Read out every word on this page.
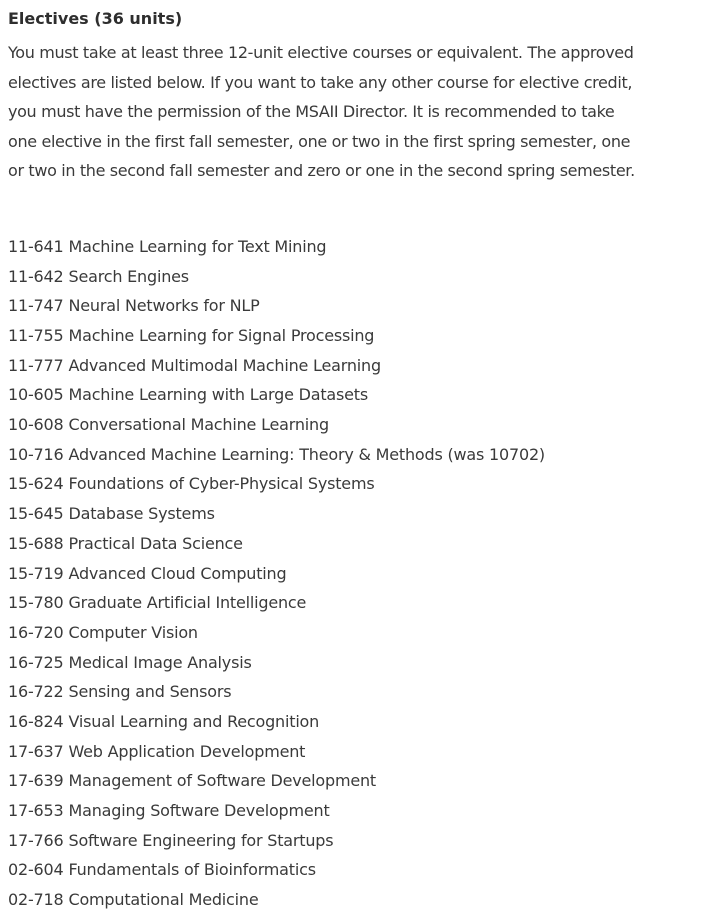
Electives (36 units)

You must take at least three 12-unit elective courses or equivalent. The approved
electives are listed below. If you want to take any other course for elective credit,
you must have the permission of the MSAII Director. It is recommended to take
one elective in the first fall semester, one or two in the first spring semester, one
or two in the second fall semester and zero or one in the second spring semester.

11-641 Machine Learning for Text Mining
11-642 Search Engines
11-747 Neural Networks for NLP
11-755 Machine Learning for Signal Processing
11-777 Advanced Multimodal Machine Learning
10-605 Machine Learning with Large Datasets
10-608 Conversational Machine Learning
10-716 Advanced Machine Learning: Theory & Methods (was 10702)
15-624 Foundations of Cyber-Physical Systems
15-645 Database Systems
15-688 Practical Data Science
15-719 Advanced Cloud Computing
15-780 Graduate Artificial Intelligence
16-720 Computer Vision
16-725 Medical Image Analysis
16-722 Sensing and Sensors
16-824 Visual Learning and Recognition
17-637 Web Application Development
17-639 Management of Software Development
17-653 Managing Software Development
17-766 Software Engineering for Startups
02-604 Fundamentals of Bioinformatics
02-718 Computational Medicine
